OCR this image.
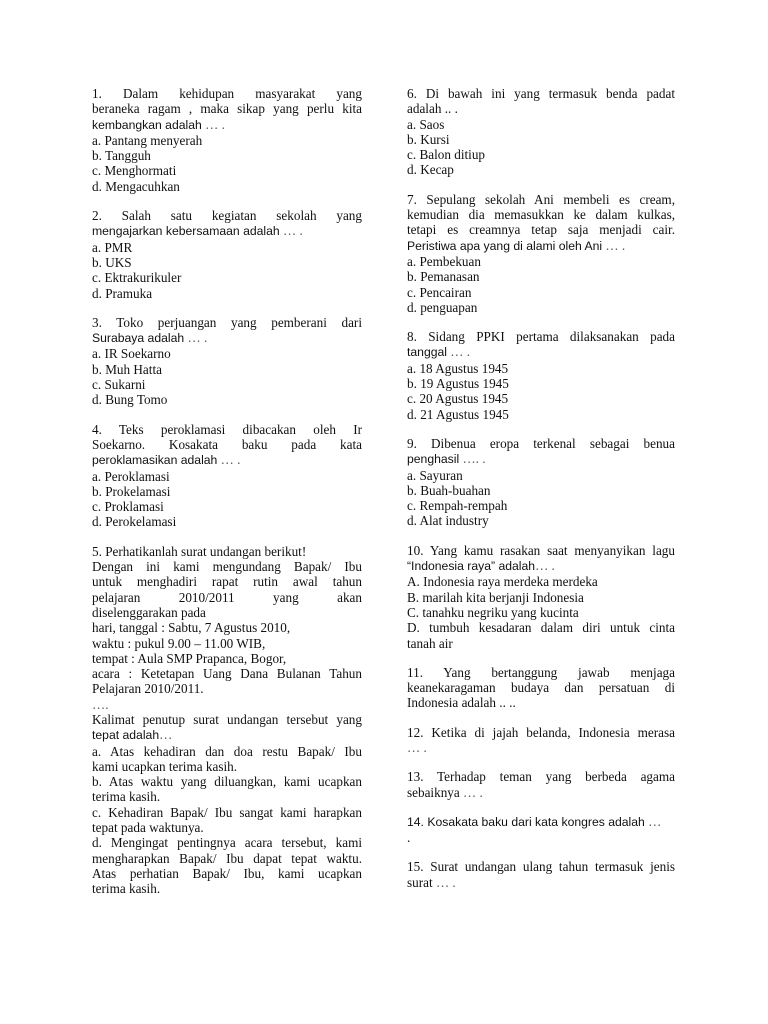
1. Dalam kehidupan masyarakat yang
beraneka ragam , maka sikap yang perlu kita
kembangkan adalah … .
a. Pantang menyerah
b. Tangguh
c. Menghormati
d. Mengacuhkan
2. Salah satu kegiatan sekolah yang
mengajarkan kebersamaan adalah … .
a. PMR
b. UKS
c. Ektrakurikuler
d. Pramuka
3. Toko perjuangan yang pemberani dari
Surabaya adalah … .
a. IR Soekarno
b. Muh Hatta
c. Sukarni
d. Bung Tomo
4. Teks peroklamasi dibacakan oleh Ir
Soekarno. Kosakata baku pada kata
peroklamasikan adalah … .
a. Peroklamasi
b. Prokelamasi
c. Proklamasi
d. Perokelamasi
5. Perhatikanlah surat undangan berikut!
Dengan ini kami mengundang Bapak/ Ibu
untuk menghadiri rapat rutin awal tahun
pelajaran 2010/2011 yang akan
diselenggarakan pada
hari, tanggal : Sabtu, 7 Agustus 2010,
waktu : pukul 9.00 – 11.00 WIB,
tempat : Aula SMP Prapanca, Bogor,
acara : Ketetapan Uang Dana Bulanan Tahun
Pelajaran 2010/2011.
….
Kalimat penutup surat undangan tersebut yang
tepat adalah…
a. Atas kehadiran dan doa restu Bapak/ Ibu
kami ucapkan terima kasih.
b. Atas waktu yang diluangkan, kami ucapkan
terima kasih.
c. Kehadiran Bapak/ Ibu sangat kami harapkan
tepat pada waktunya.
d. Mengingat pentingnya acara tersebut, kami
mengharapkan Bapak/ Ibu dapat tepat waktu.
Atas perhatian Bapak/ Ibu, kami ucapkan
terima kasih.
6. Di bawah ini yang termasuk benda padat
adalah .. .
a. Saos
b. Kursi
c. Balon ditiup
d. Kecap
7. Sepulang sekolah Ani membeli es cream,
kemudian dia memasukkan ke dalam kulkas,
tetapi es creamnya tetap saja menjadi cair.
Peristiwa apa yang di alami oleh Ani … .
a. Pembekuan
b. Pemanasan
c. Pencairan
d. penguapan
8. Sidang PPKI pertama dilaksanakan pada
tanggal … .
a. 18 Agustus 1945
b. 19 Agustus 1945
c. 20 Agustus 1945
d. 21 Agustus 1945
9. Dibenua eropa terkenal sebagai benua
penghasil …. .
a. Sayuran
b. Buah-buahan
c. Rempah-rempah
d. Alat industry
10. Yang kamu rasakan saat menyanyikan lagu
“Indonesia raya” adalah… .
A. Indonesia raya merdeka merdeka
B. marilah kita berjanji Indonesia
C. tanahku negriku yang kucinta
D. tumbuh kesadaran dalam diri untuk cinta
tanah air
11. Yang bertanggung jawab menjaga
keanekaragaman budaya dan persatuan di
Indonesia adalah .. ..
12. Ketika di jajah belanda, Indonesia merasa
… .
13. Terhadap teman yang berbeda agama
sebaiknya … .
14. Kosakata baku dari kata kongres adalah …
.
15. Surat undangan ulang tahun termasuk jenis
surat … .
